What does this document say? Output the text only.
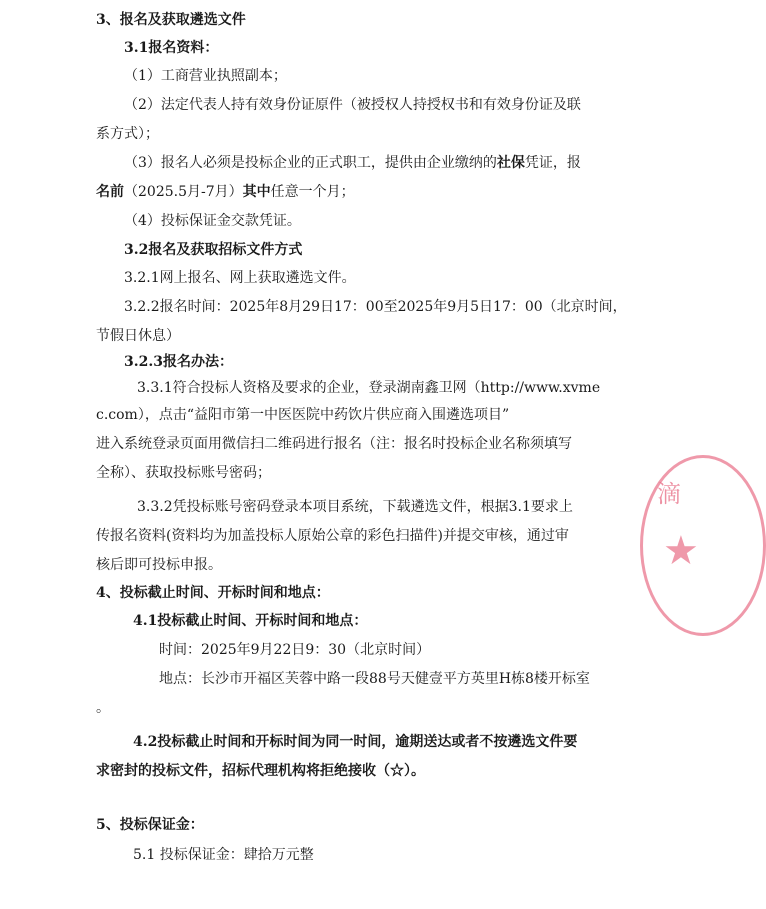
3、报名及获取遴选文件
3.1报名资料：
（1）工商营业执照副本；
（2）法定代表人持有效身份证原件（被授权人持授权书和有效身份证及联
系方式）；
（3）报名人必须是投标企业的正式职工，提供由企业缴纳的社保凭证，报
名前（2025.5月-7月）其中任意一个月；
（4）投标保证金交款凭证。
3.2报名及获取招标文件方式
3.2.1网上报名、网上获取遴选文件。
3.2.2报名时间：2025年8月29日17：00至2025年9月5日17：00（北京时间，
节假日休息）
3.2.3报名办法：
3.3.1符合投标人资格及要求的企业，登录湖南鑫卫网（http://www.xvme
c.com），点击“益阳市第一中医医院中药饮片供应商入围遴选项目”
进入系统登录页面用微信扫二维码进行报名（注：报名时投标企业名称须填写
全称）、获取投标账号密码；
3.3.2凭投标账号密码登录本项目系统，下载遴选文件，根据3.1要求上
传报名资料(资料均为加盖投标人原始公章的彩色扫描件)并提交审核，通过审
核后即可投标申报。
4、投标截止时间、开标时间和地点：
4.1投标截止时间、开标时间和地点：
时间：2025年9月22日9：30（北京时间）
地点：长沙市开福区芙蓉中路一段88号天健壹平方英里H栋8楼开标室
。
4.2投标截止时间和开标时间为同一时间，逾期送达或者不按遴选文件要
求密封的投标文件，招标代理机构将拒绝接收（☆）。
5、投标保证金：
5.1 投标保证金：肆拾万元整
滴
★
